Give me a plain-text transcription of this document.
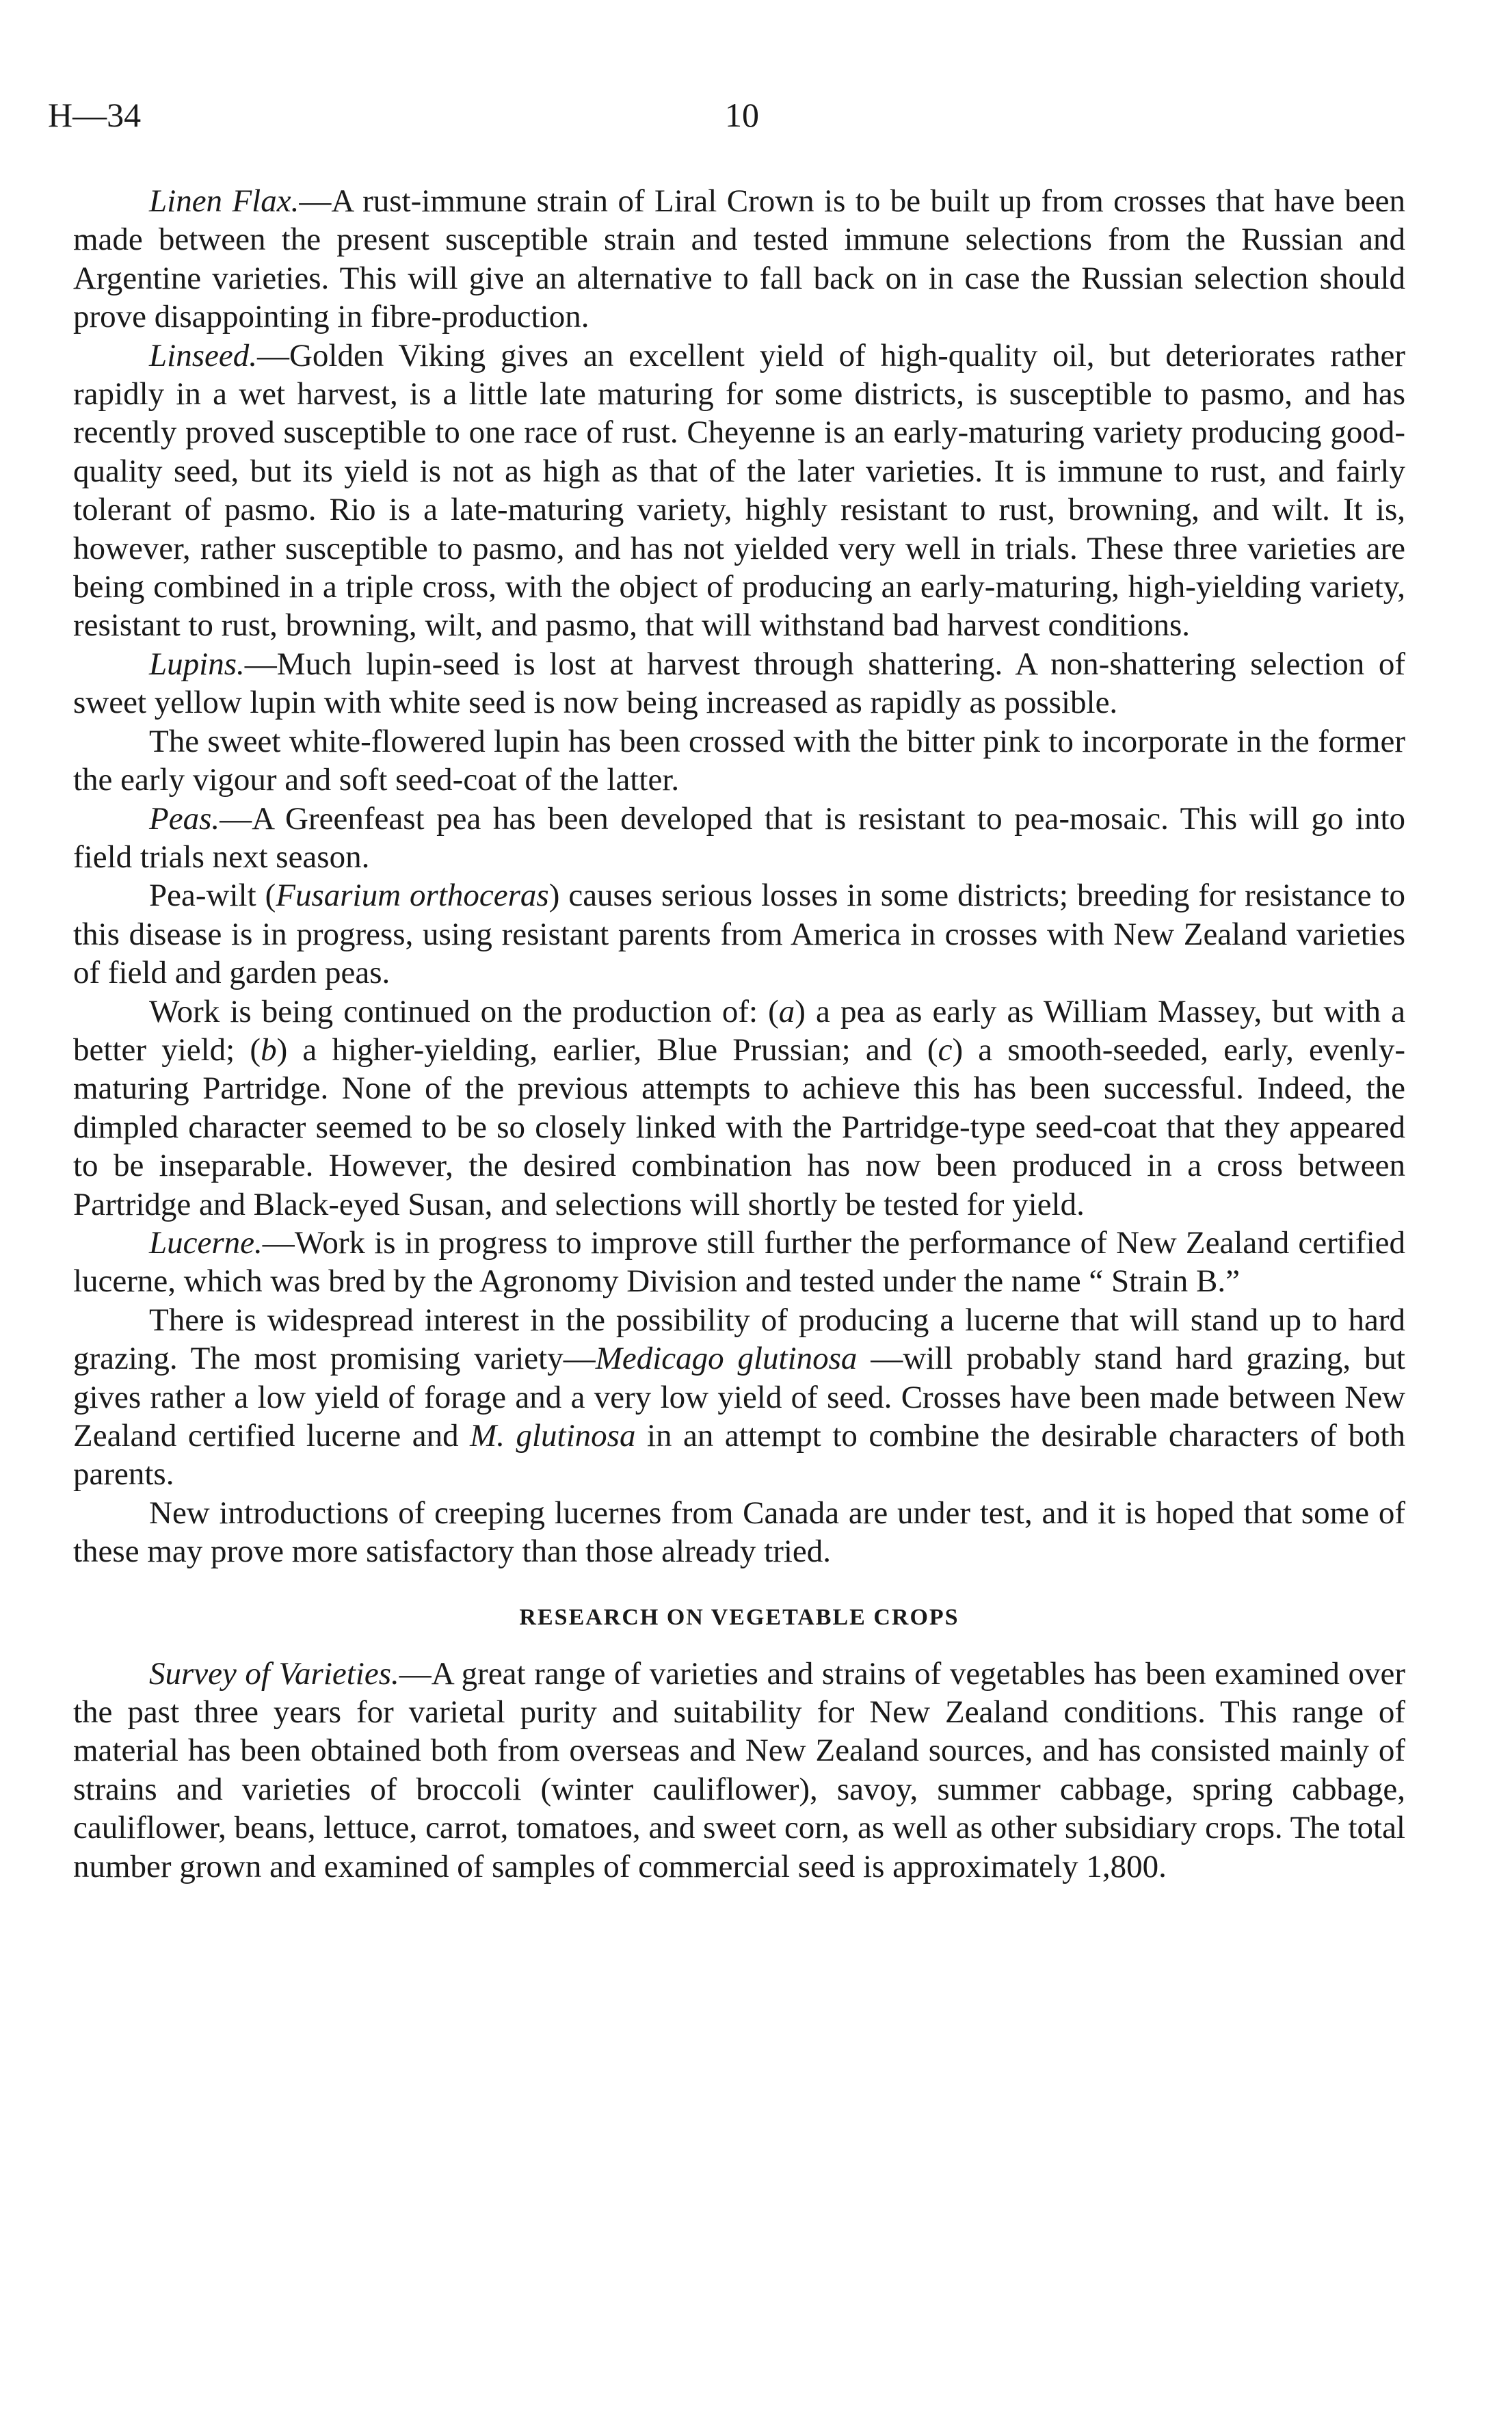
H—34	10

Linen Flax.—A rust-immune strain of Liral Crown is to be built up from crosses that have been made between the present susceptible strain and tested immune selections from the Russian and Argentine varieties. This will give an alternative to fall back on in case the Russian selection should prove disappointing in fibre-production.

Linseed.—Golden Viking gives an excellent yield of high-quality oil, but deteriorates rather rapidly in a wet harvest, is a little late maturing for some districts, is susceptible to pasmo, and has recently proved susceptible to one race of rust. Cheyenne is an early-maturing variety producing good-quality seed, but its yield is not as high as that of the later varieties. It is immune to rust, and fairly tolerant of pasmo. Rio is a late-maturing variety, highly resistant to rust, browning, and wilt. It is, however, rather susceptible to pasmo, and has not yielded very well in trials. These three varieties are being combined in a triple cross, with the object of producing an early-maturing, high-yielding variety, resistant to rust, browning, wilt, and pasmo, that will withstand bad harvest conditions.

Lupins.—Much lupin-seed is lost at harvest through shattering. A non-shattering selection of sweet yellow lupin with white seed is now being increased as rapidly as possible.

The sweet white-flowered lupin has been crossed with the bitter pink to incorporate in the former the early vigour and soft seed-coat of the latter.

Peas.—A Greenfeast pea has been developed that is resistant to pea-mosaic. This will go into field trials next season.

Pea-wilt (Fusarium orthoceras) causes serious losses in some districts; breeding for resistance to this disease is in progress, using resistant parents from America in crosses with New Zealand varieties of field and garden peas.

Work is being continued on the production of: (a) a pea as early as William Massey, but with a better yield; (b) a higher-yielding, earlier, Blue Prussian; and (c) a smooth-seeded, early, evenly-maturing Partridge. None of the previous attempts to achieve this has been successful. Indeed, the dimpled character seemed to be so closely linked with the Partridge-type seed-coat that they appeared to be inseparable. However, the desired combination has now been produced in a cross between Partridge and Black-eyed Susan, and selections will shortly be tested for yield.

Lucerne.—Work is in progress to improve still further the performance of New Zealand certified lucerne, which was bred by the Agronomy Division and tested under the name “ Strain B.”

There is widespread interest in the possibility of producing a lucerne that will stand up to hard grazing. The most promising variety—Medicago glutinosa —will probably stand hard grazing, but gives rather a low yield of forage and a very low yield of seed. Crosses have been made between New Zealand certified lucerne and M. glutinosa in an attempt to combine the desirable characters of both parents.

New introductions of creeping lucernes from Canada are under test, and it is hoped that some of these may prove more satisfactory than those already tried.

RESEARCH ON VEGETABLE CROPS

Survey of Varieties.—A great range of varieties and strains of vegetables has been examined over the past three years for varietal purity and suitability for New Zealand conditions. This range of material has been obtained both from overseas and New Zealand sources, and has consisted mainly of strains and varieties of broccoli (winter cauliflower), savoy, summer cabbage, spring cabbage, cauliflower, beans, lettuce, carrot, tomatoes, and sweet corn, as well as other subsidiary crops. The total number grown and examined of samples of commercial seed is approximately 1,800.
